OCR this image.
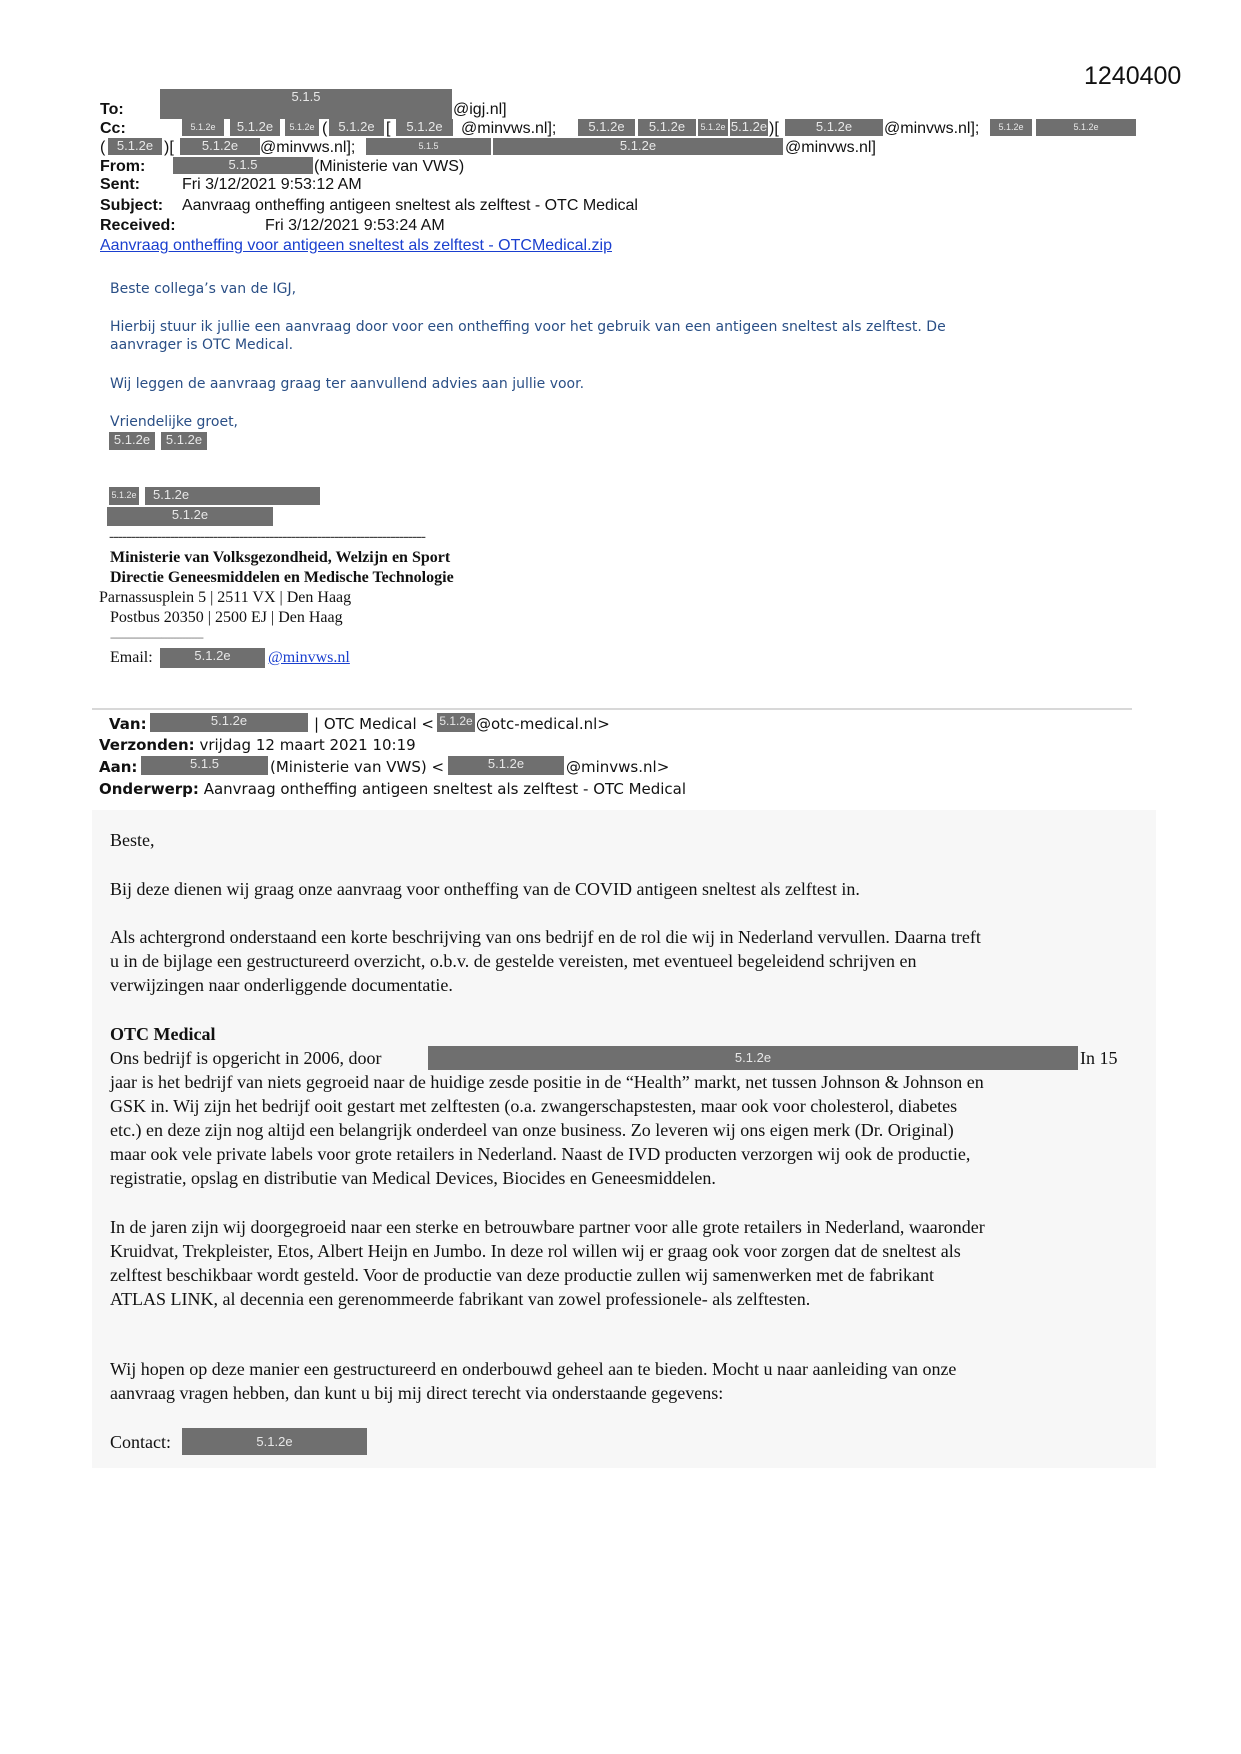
1240400
To:
5.1.5
@igj.nl]
Cc:	5.1.2e	5.1.2e	5.1.2e ( 5.1.2e [	5.1.2e	@minvws.nl];	5.1.2e	5.1.2e	5.1.2e 5.1.2e )[	5.1.2e	@minvws.nl];	5.1.2e	5.1.2e
( 5.1.2e )[	5.1.2e	@minvws.nl];	5.1.5	5.1.2e	@minvws.nl]
From:	5.1.5	(Ministerie van VWS)
Sent:	Fri 3/12/2021 9:53:12 AM
Subject: Aanvraag ontheffing antigeen sneltest als zelftest - OTC Medical
Received:	Fri 3/12/2021 9:53:24 AM
Aanvraag ontheffing voor antigeen sneltest als zelftest - OTCMedical.zip
Beste collega’s van de IGJ,
Hierbij stuur ik jullie een aanvraag door voor een ontheffing voor het gebruik van een antigeen sneltest als zelftest. De
aanvrager is OTC Medical.
Wij leggen de aanvraag graag ter aanvullend advies aan jullie voor.
Vriendelijke groet,
5.1.2e	5.1.2e
5.1.2e	5.1.2e
5.1.2e
-------------------------------------------------------------------------
Ministerie van Volksgezondheid, Welzijn en Sport
Directie Geneesmiddelen en Medische Technologie
Parnassusplein 5 | 2511 VX | Den Haag
Postbus 20350 | 2500 EJ | Den Haag
-------------------------------
Email:	5.1.2e	@minvws.nl
Van:	5.1.2e	| OTC Medical < 5.1.2e @otc-medical.nl>
Verzonden: vrijdag 12 maart 2021 10:19
Aan:	5.1.5	(Ministerie van VWS) <	5.1.2e	@minvws.nl>
Onderwerp: Aanvraag ontheffing antigeen sneltest als zelftest - OTC Medical
Beste,
Bij deze dienen wij graag onze aanvraag voor ontheffing van de COVID antigeen sneltest als zelftest in.
Als achtergrond onderstaand een korte beschrijving van ons bedrijf en de rol die wij in Nederland vervullen. Daarna treft
u in de bijlage een gestructureerd overzicht, o.b.v. de gestelde vereisten, met eventueel begeleidend schrijven en
verwijzingen naar onderliggende documentatie.
OTC Medical
Ons bedrijf is opgericht in 2006, door	5.1.2e	In 15
jaar is het bedrijf van niets gegroeid naar de huidige zesde positie in de “Health” markt, net tussen Johnson & Johnson en
GSK in. Wij zijn het bedrijf ooit gestart met zelftesten (o.a. zwangerschapstesten, maar ook voor cholesterol, diabetes
etc.) en deze zijn nog altijd een belangrijk onderdeel van onze business. Zo leveren wij ons eigen merk (Dr. Original)
maar ook vele private labels voor grote retailers in Nederland. Naast de IVD producten verzorgen wij ook de productie,
registratie, opslag en distributie van Medical Devices, Biocides en Geneesmiddelen.
In de jaren zijn wij doorgegroeid naar een sterke en betrouwbare partner voor alle grote retailers in Nederland, waaronder
Kruidvat, Trekpleister, Etos, Albert Heijn en Jumbo. In deze rol willen wij er graag ook voor zorgen dat de sneltest als
zelftest beschikbaar wordt gesteld. Voor de productie van deze productie zullen wij samenwerken met de fabrikant
ATLAS LINK, al decennia een gerenommeerde fabrikant van zowel professionele- als zelftesten.
Wij hopen op deze manier een gestructureerd en onderbouwd geheel aan te bieden. Mocht u naar aanleiding van onze
aanvraag vragen hebben, dan kunt u bij mij direct terecht via onderstaande gegevens:
Contact:	5.1.2e
